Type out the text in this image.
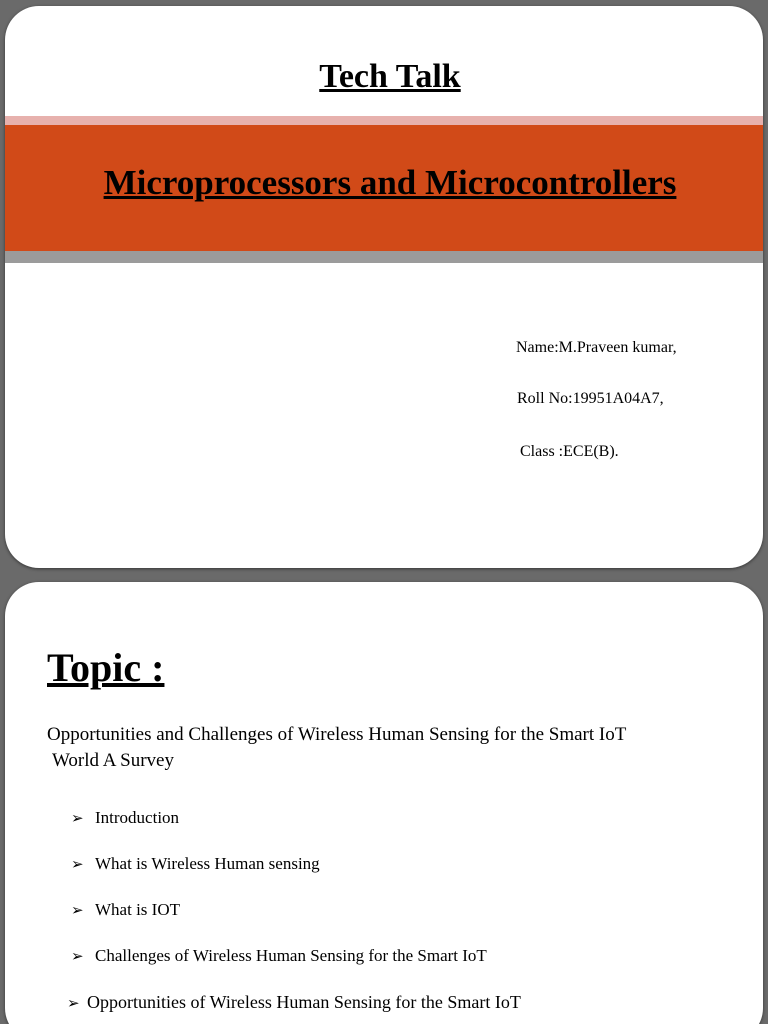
Tech Talk
Microprocessors and Microcontrollers
Name:M.Praveen kumar,
Roll No:19951A04A7,
Class :ECE(B).
Topic :
Opportunities and Challenges of Wireless Human Sensing for the Smart IoT
World A Survey
➢ Introduction
➢ What is Wireless Human sensing
➢ What is IOT
➢ Challenges of Wireless Human Sensing for the Smart IoT
➢ Opportunities of Wireless Human Sensing for the Smart IoT
